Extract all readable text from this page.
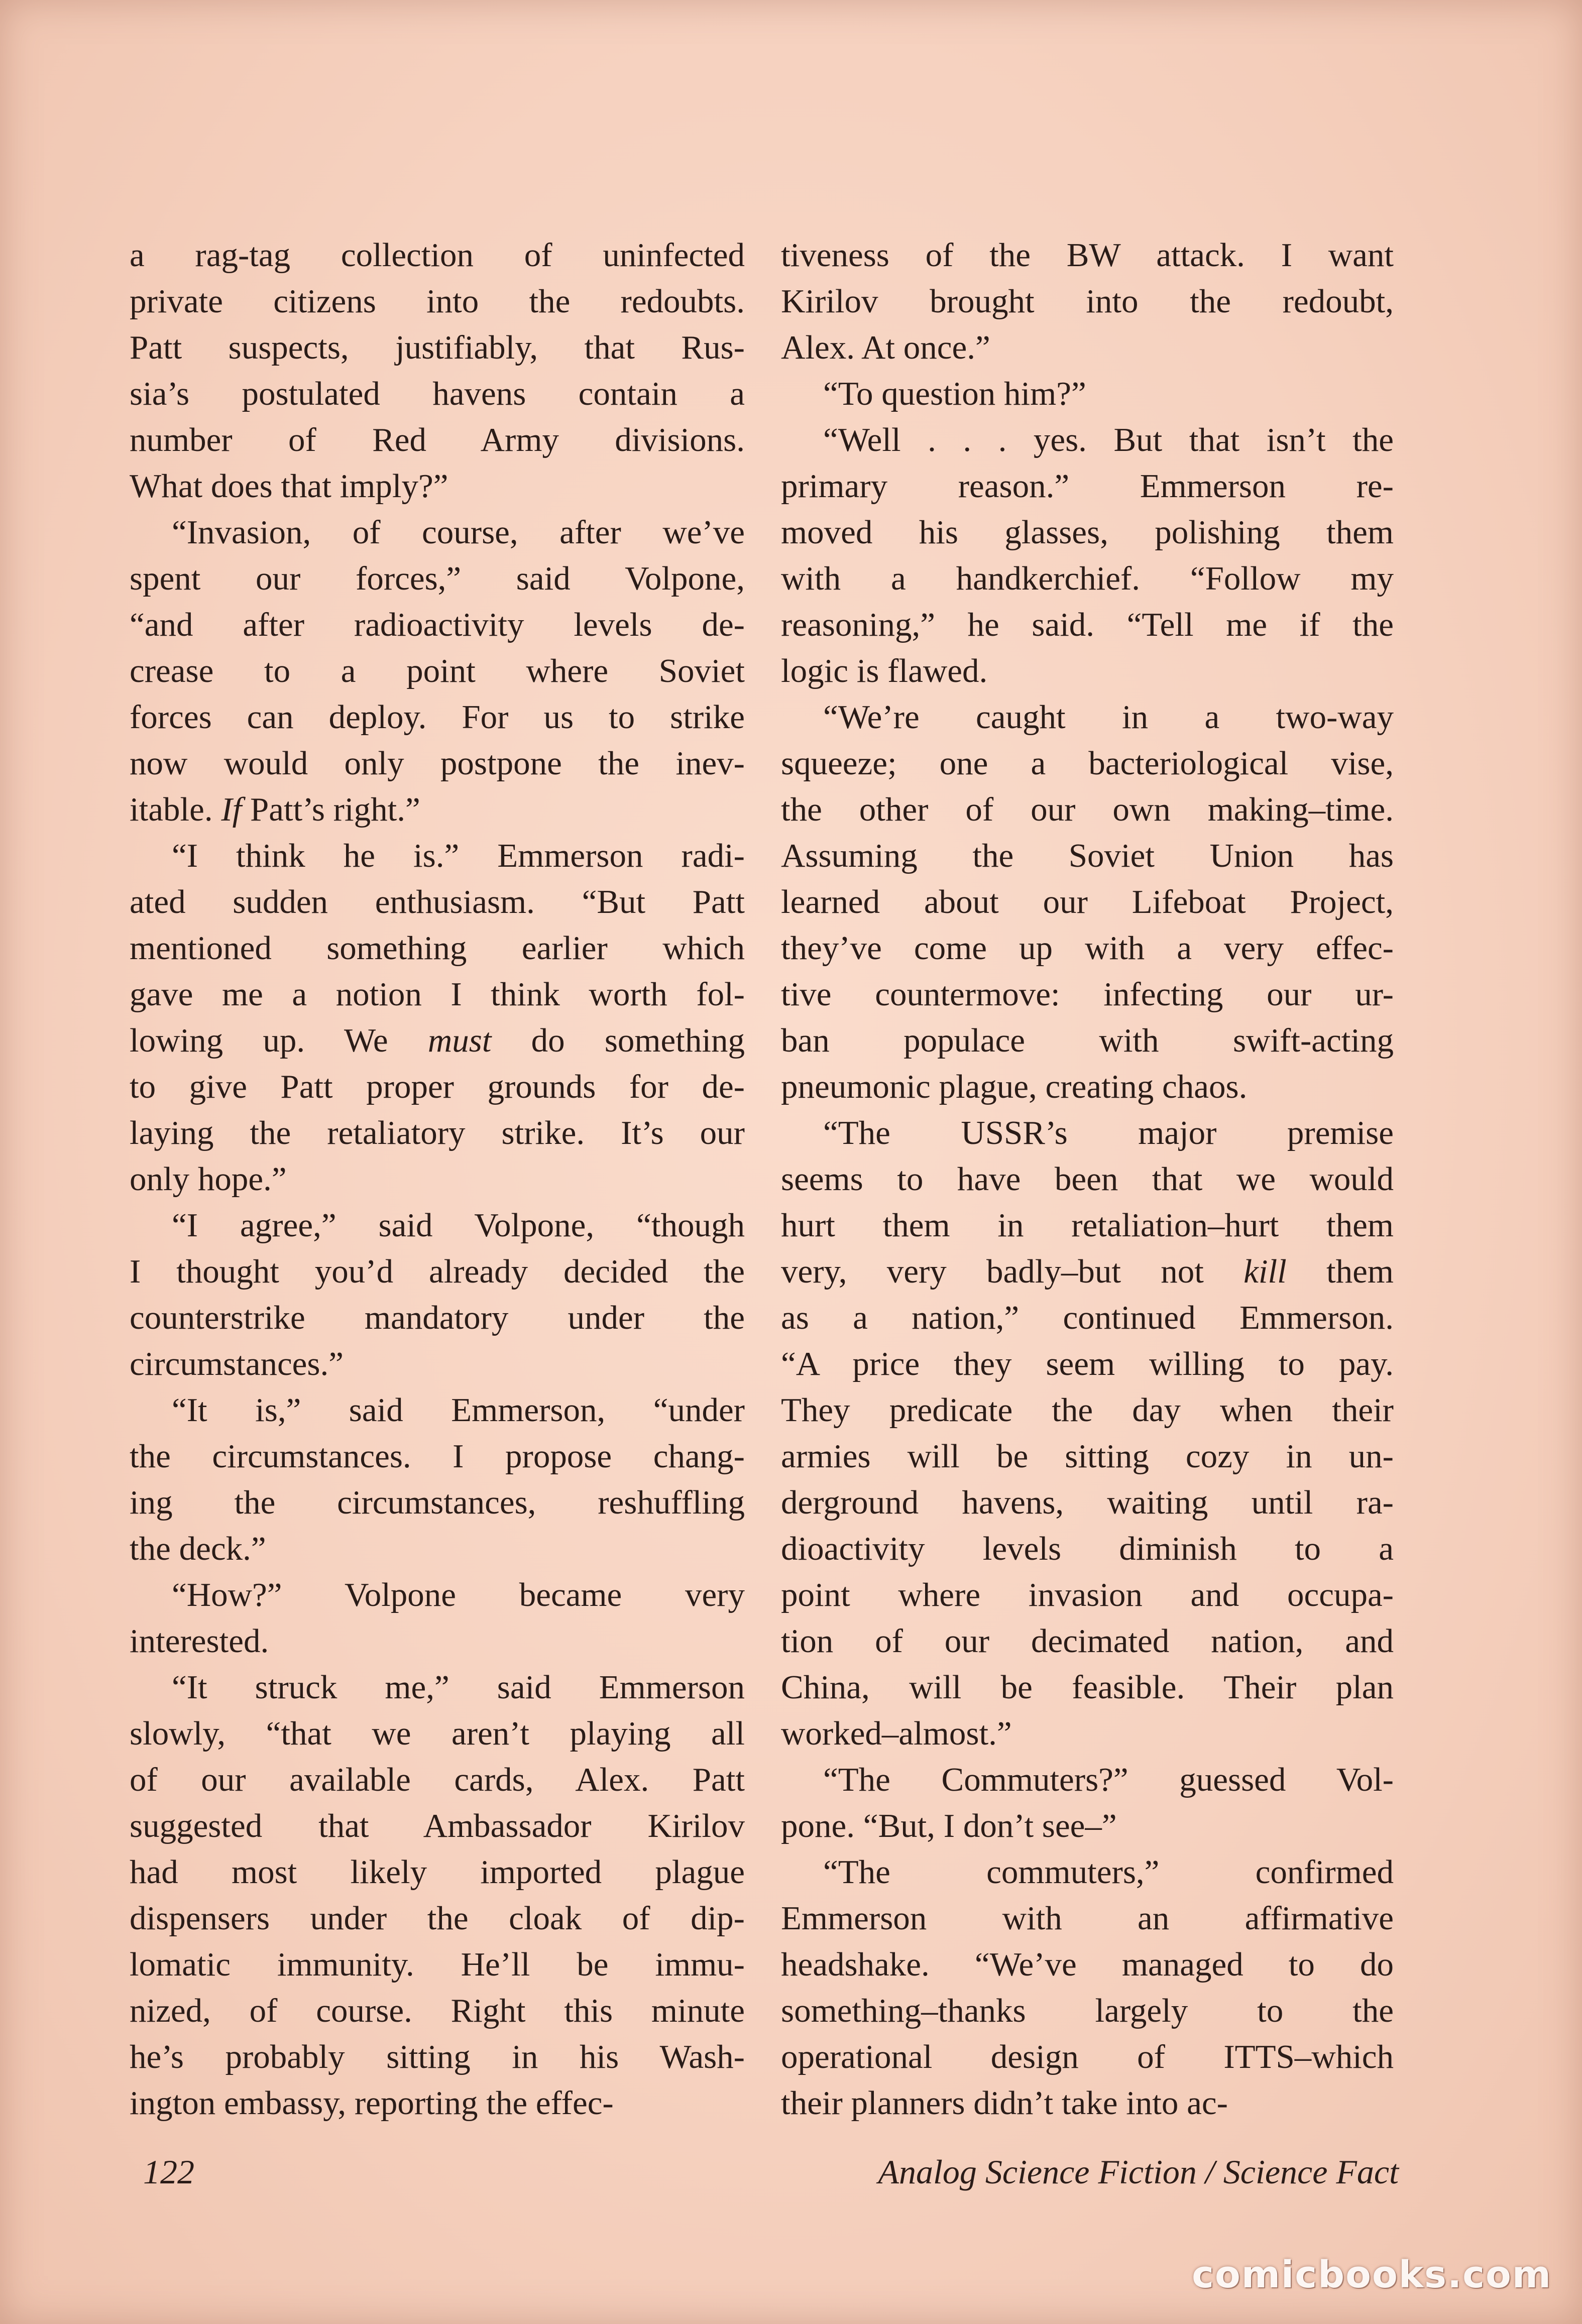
a rag-tag collection of uninfected
private citizens into the redoubts.
Patt suspects, justifiably, that Rus-
sia’s postulated havens contain a
number of Red Army divisions.
What does that imply?”

“Invasion, of course, after we’ve
spent our forces,” said Volpone,
“and after radioactivity levels de-
crease to a point where Soviet
forces can deploy. For us to strike
now would only postpone the inev-
itable. If Patt’s right.”

“I think he is.” Emmerson radi-
ated sudden enthusiasm. “But Patt
mentioned something earlier which
gave me a notion I think worth fol-
lowing up. We must do something
to give Patt proper grounds for de-
laying the retaliatory strike. It’s our
only hope.”

“I agree,” said Volpone, “though
I thought you’d already decided the
counterstrike mandatory under the
circumstances.”

“It is,” said Emmerson, “under
the circumstances. I propose chang-
ing the circumstances, reshuffling
the deck.”

“How?” Volpone became very
interested.

“It struck me,” said Emmerson
slowly, “that we aren’t playing all
of our available cards, Alex. Patt
suggested that Ambassador Kirilov
had most likely imported plague
dispensers under the cloak of dip-
lomatic immunity. He’ll be immu-
nized, of course. Right this minute
he’s probably sitting in his Wash-
ington embassy, reporting the effec-

tiveness of the BW attack. I want
Kirilov brought into the redoubt,
Alex. At once.”

“To question him?”

“Well . . . yes. But that isn’t the
primary reason.” Emmerson re-
moved his glasses, polishing them
with a handkerchief. “Follow my
reasoning,” he said. “Tell me if the
logic is flawed.

“We’re caught in a two-way
squeeze; one a bacteriological vise,
the other of our own making–time.
Assuming the Soviet Union has
learned about our Lifeboat Project,
they’ve come up with a very effec-
tive countermove: infecting our ur-
ban populace with swift-acting
pneumonic plague, creating chaos.

“The USSR’s major premise
seems to have been that we would
hurt them in retaliation–hurt them
very, very badly–but not kill them
as a nation,” continued Emmerson.
“A price they seem willing to pay.
They predicate the day when their
armies will be sitting cozy in un-
derground havens, waiting until ra-
dioactivity levels diminish to a
point where invasion and occupa-
tion of our decimated nation, and
China, will be feasible. Their plan
worked–almost.”

“The Commuters?” guessed Vol-
pone. “But, I don’t see–”

“The commuters,” confirmed
Emmerson with an affirmative
headshake. “We’ve managed to do
something–thanks largely to the
operational design of ITTS–which
their planners didn’t take into ac-

122	Analog Science Fiction / Science Fact
comicbooks.com
